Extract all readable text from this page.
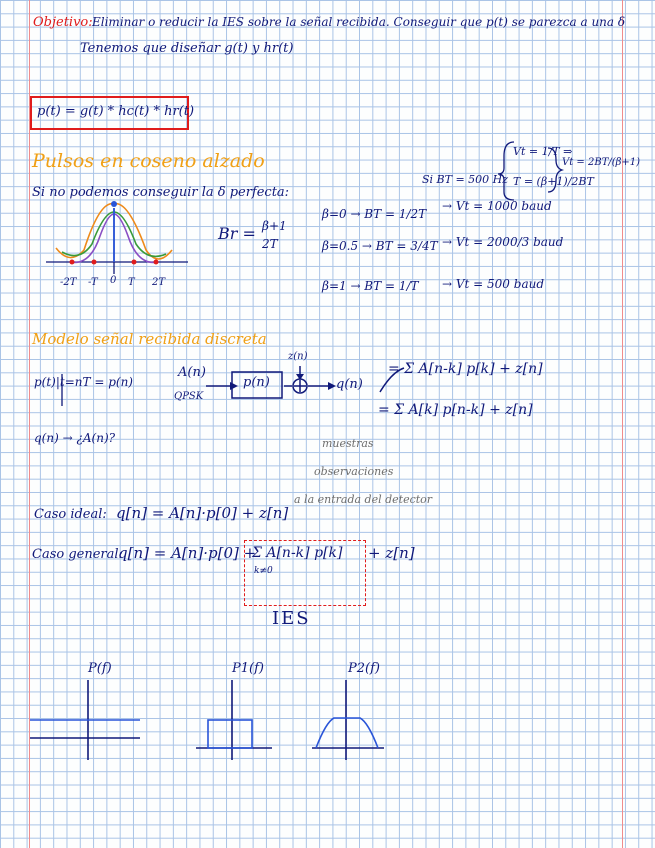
Objetivo: Eliminar o reducir la IES sobre la señal recibida. Conseguir que p(t) se parezca a una δ
Tenemos que diseñar g(t) y hr(t)
p(t) = g(t) * hc(t) * hr(t)
Pulsos en coseno alzado
Si no podemos conseguir la δ perfecta:
Br = β+1
2T
Si BT = 500 Hz
Vt = 1/T ⇒
T = (β+1)/2BT
Vt = 2BT/(β+1)
β=0 → BT = 1/2T
→ Vt = 1000 baud
β=0.5 → BT = 3/4T → Vt = 2000/3 baud
β=1 → BT = 1/T → Vt = 500 baud
-2T -T 0 T 2T
Modelo señal recibida discreta
p(t)|t=nT = p(n)
q(n) → ¿A(n)?
A(n)
QPSK
p(n)
z(n)
q(n)
= Σ A[n-k] p[k] + z[n]
= Σ A[k] p[n-k] + z[n]
muestras
observaciones
a la entrada del detector
Caso ideal: q[n] = A[n]·p[0] + z[n]
Caso general:
q[n] = A[n]·p[0] +
Σ A[n-k] p[k]
k≠0
+ z[n]
IES
P(f)	P1(f)	P2(f)
